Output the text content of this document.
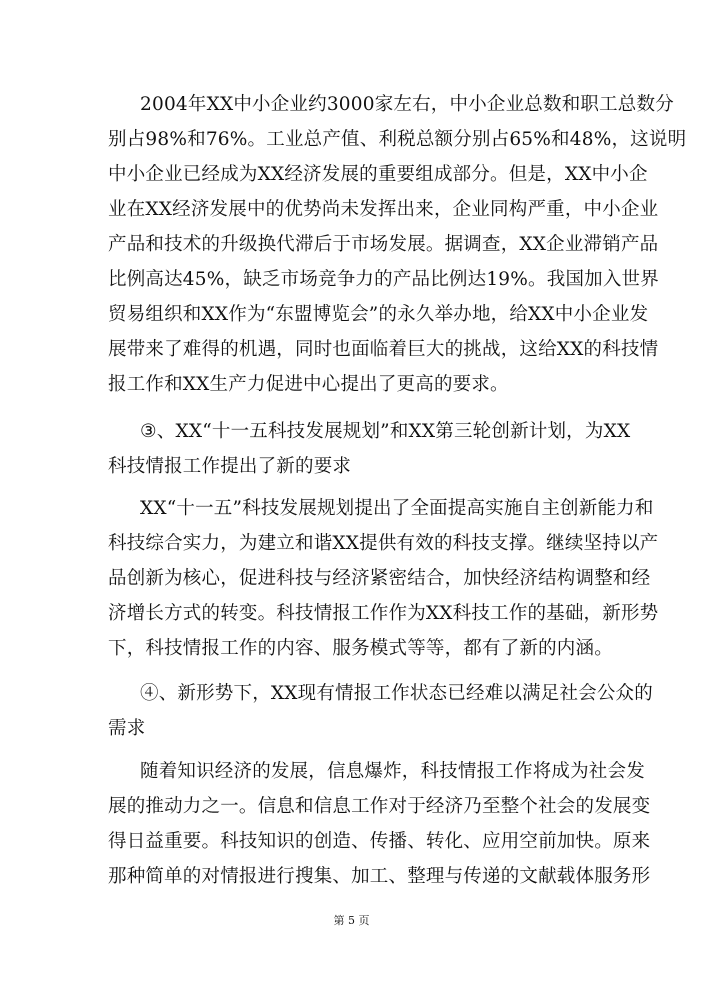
2004年XX中小企业约3000家左右，中小企业总数和职工总数分
别占98%和76%。工业总产值、利税总额分别占65%和48%，这说明
中小企业已经成为XX经济发展的重要组成部分。但是，XX中小企
业在XX经济发展中的优势尚未发挥出来，企业同构严重，中小企业
产品和技术的升级换代滞后于市场发展。据调查，XX企业滞销产品
比例高达45%，缺乏市场竞争力的产品比例达19%。我国加入世界
贸易组织和XX作为“东盟博览会”的永久举办地，给XX中小企业发
展带来了难得的机遇，同时也面临着巨大的挑战，这给XX的科技情
报工作和XX生产力促进中心提出了更高的要求。
③、XX“十一五科技发展规划”和XX第三轮创新计划，为XX
科技情报工作提出了新的要求
XX“十一五”科技发展规划提出了全面提高实施自主创新能力和
科技综合实力，为建立和谐XX提供有效的科技支撑。继续坚持以产
品创新为核心，促进科技与经济紧密结合，加快经济结构调整和经
济增长方式的转变。科技情报工作作为XX科技工作的基础，新形势
下，科技情报工作的内容、服务模式等等，都有了新的内涵。
④、新形势下，XX现有情报工作状态已经难以满足社会公众的
需求
随着知识经济的发展，信息爆炸，科技情报工作将成为社会发
展的推动力之一。信息和信息工作对于经济乃至整个社会的发展变
得日益重要。科技知识的创造、传播、转化、应用空前加快。原来
那种简单的对情报进行搜集、加工、整理与传递的文献载体服务形
第 5 页
